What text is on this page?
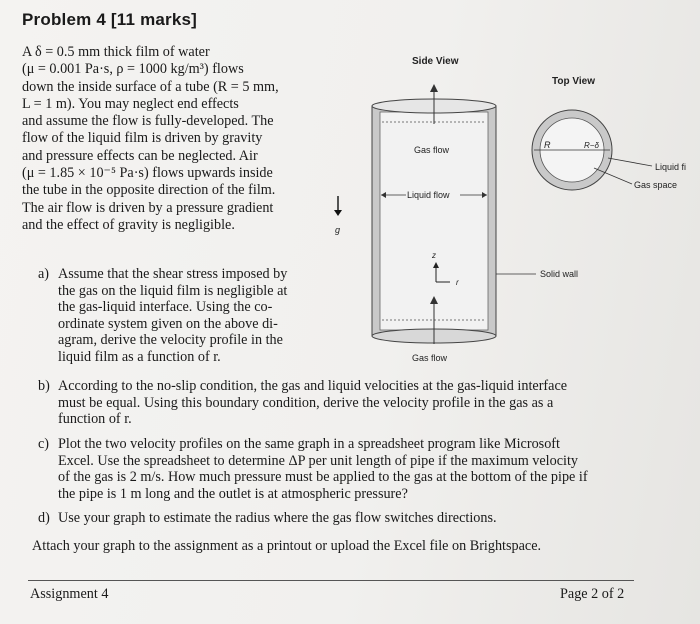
Problem 4 [11 marks]
A δ = 0.5 mm thick film of water
(μ = 0.001 Pa·s, ρ = 1000 kg/m³) flows
down the inside surface of a tube (R = 5 mm,
L = 1 m). You may neglect end effects
and assume the flow is fully-developed. The
flow of the liquid film is driven by gravity
and pressure effects can be neglected. Air
(μ = 1.85 × 10⁻⁵ Pa·s) flows upwards inside
the tube in the opposite direction of the film.
The air flow is driven by a pressure gradient
and the effect of gravity is negligible.
a) Assume that the shear stress imposed by
the gas on the liquid film is negligible at
the gas-liquid interface. Using the co-
ordinate system given on the above di-
agram, derive the velocity profile in the
liquid film as a function of r.
b) According to the no-slip condition, the gas and liquid velocities at the gas-liquid interface
must be equal. Using this boundary condition, derive the velocity profile in the gas as a
function of r.
c) Plot the two velocity profiles on the same graph in a spreadsheet program like Microsoft
Excel. Use the spreadsheet to determine ΔP per unit length of pipe if the maximum velocity
of the gas is 2 m/s. How much pressure must be applied to the gas at the bottom of the pipe if
the pipe is 1 m long and the outlet is at atmospheric pressure?
d) Use your graph to estimate the radius where the gas flow switches directions.
Attach your graph to the assignment as a printout or upload the Excel file on Brightspace.
Side View
Top View
Gas flow
Gas flow
Liquid flow
z
r
Solid wall
g
R	R−δ
Liquid fi
Gas space
Assignment 4	Page 2 of 2
